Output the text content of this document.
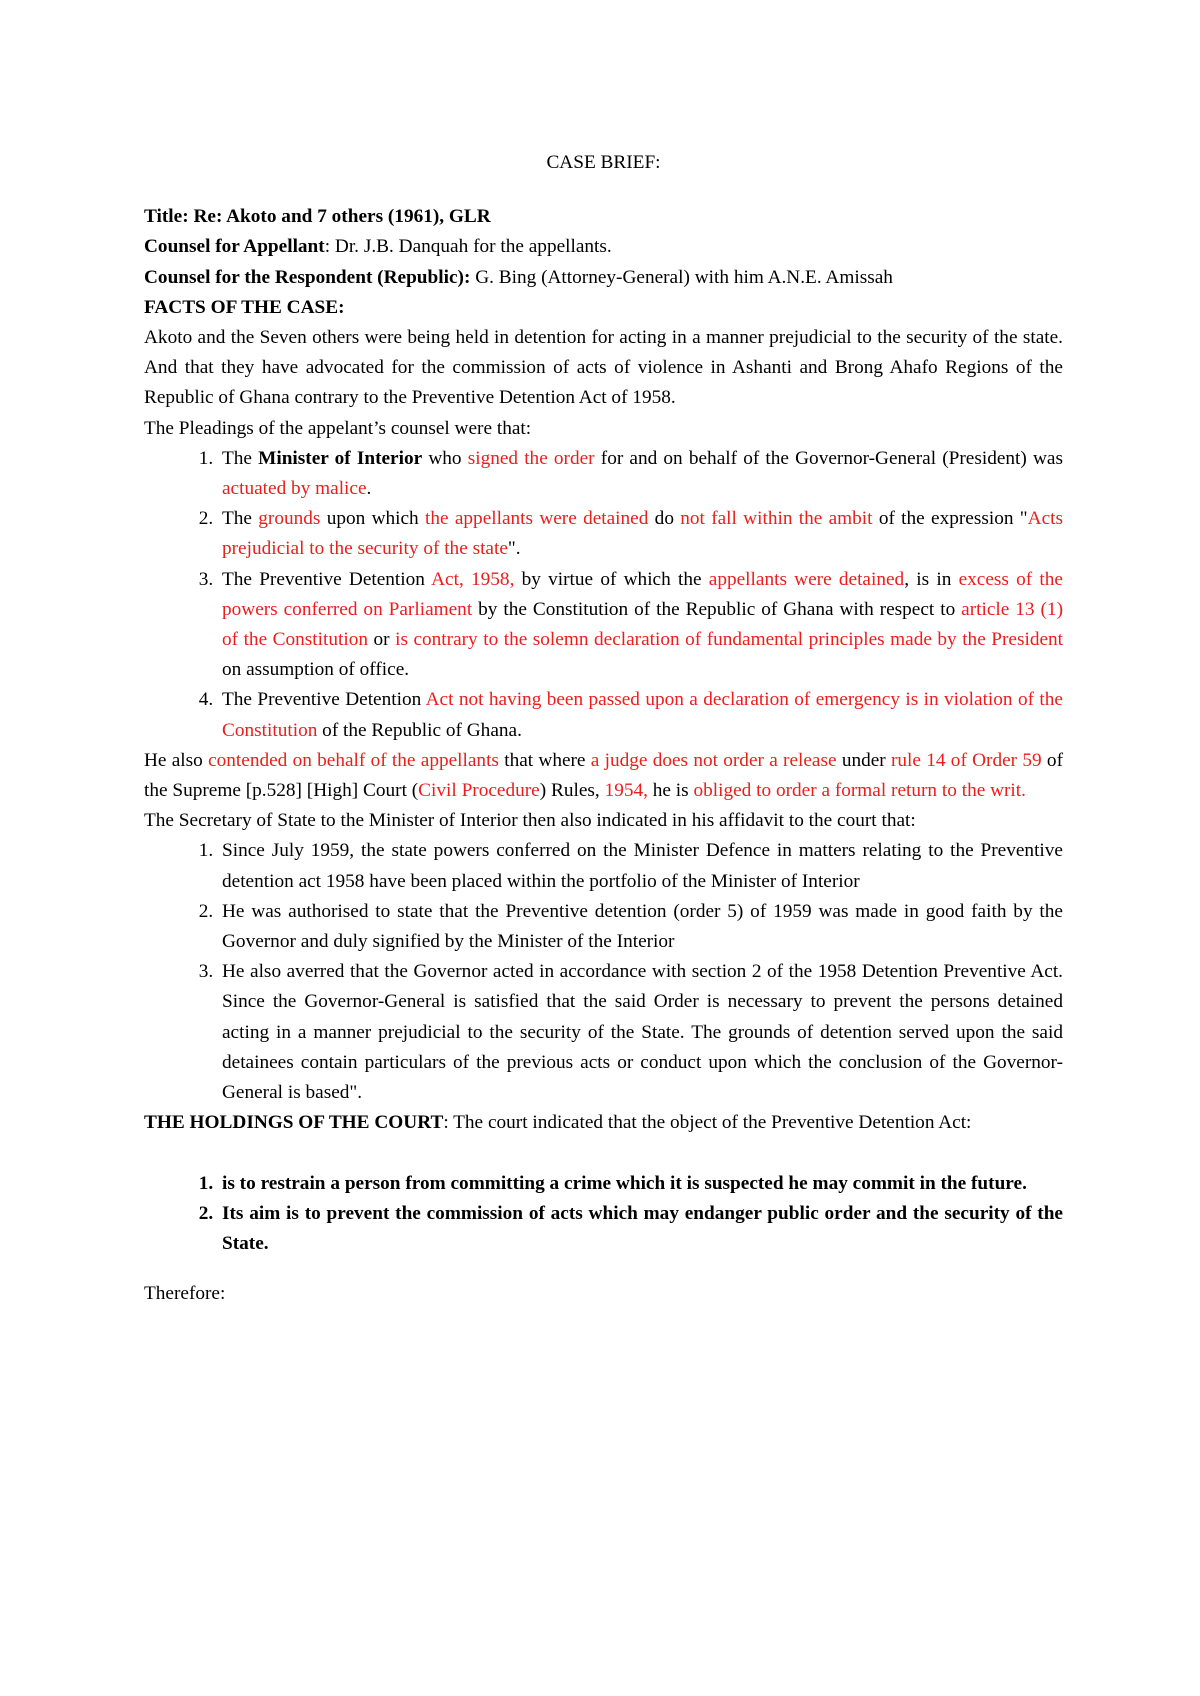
CASE BRIEF:

Title: Re: Akoto and 7 others (1961), GLR

Counsel for Appellant: Dr. J.B. Danquah for the appellants.

Counsel for the Respondent (Republic): G. Bing (Attorney-General) with him A.N.E. Amissah

FACTS OF THE CASE:

Akoto and the Seven others were being held in detention for acting in a manner prejudicial to the security of the state. And that they have advocated for the commission of acts of violence in Ashanti and Brong Ahafo Regions of the Republic of Ghana contrary to the Preventive Detention Act of 1958.

The Pleadings of the appelant’s counsel were that:

1. The Minister of Interior who signed the order for and on behalf of the Governor-General (President) was actuated by malice.
2. The grounds upon which the appellants were detained do not fall within the ambit of the expression "Acts prejudicial to the security of the state".
3. The Preventive Detention Act, 1958, by virtue of which the appellants were detained, is in excess of the powers conferred on Parliament by the Constitution of the Republic of Ghana with respect to article 13 (1) of the Constitution or is contrary to the solemn declaration of fundamental principles made by the President on assumption of office.
4. The Preventive Detention Act not having been passed upon a declaration of emergency is in violation of the Constitution of the Republic of Ghana.

He also contended on behalf of the appellants that where a judge does not order a release under rule 14 of Order 59 of the Supreme [p.528] [High] Court (Civil Procedure) Rules, 1954, he is obliged to order a formal return to the writ.

The Secretary of State to the Minister of Interior then also indicated in his affidavit to the court that:

1. Since July 1959, the state powers conferred on the Minister Defence in matters relating to the Preventive detention act 1958 have been placed within the portfolio of the Minister of Interior
2. He was authorised to state that the Preventive detention (order 5) of 1959 was made in good faith by the Governor and duly signified by the Minister of the Interior
3. He also averred that the Governor acted in accordance with section 2 of the 1958 Detention Preventive Act. Since the Governor-General is satisfied that the said Order is necessary to prevent the persons detained acting in a manner prejudicial to the security of the State. The grounds of detention served upon the said detainees contain particulars of the previous acts or conduct upon which the conclusion of the Governor-General is based".

THE HOLDINGS OF THE COURT: The court indicated that the object of the Preventive Detention Act:

1. is to restrain a person from committing a crime which it is suspected he may commit in the future.
2. Its aim is to prevent the commission of acts which may endanger public order and the security of the State.

Therefore:
